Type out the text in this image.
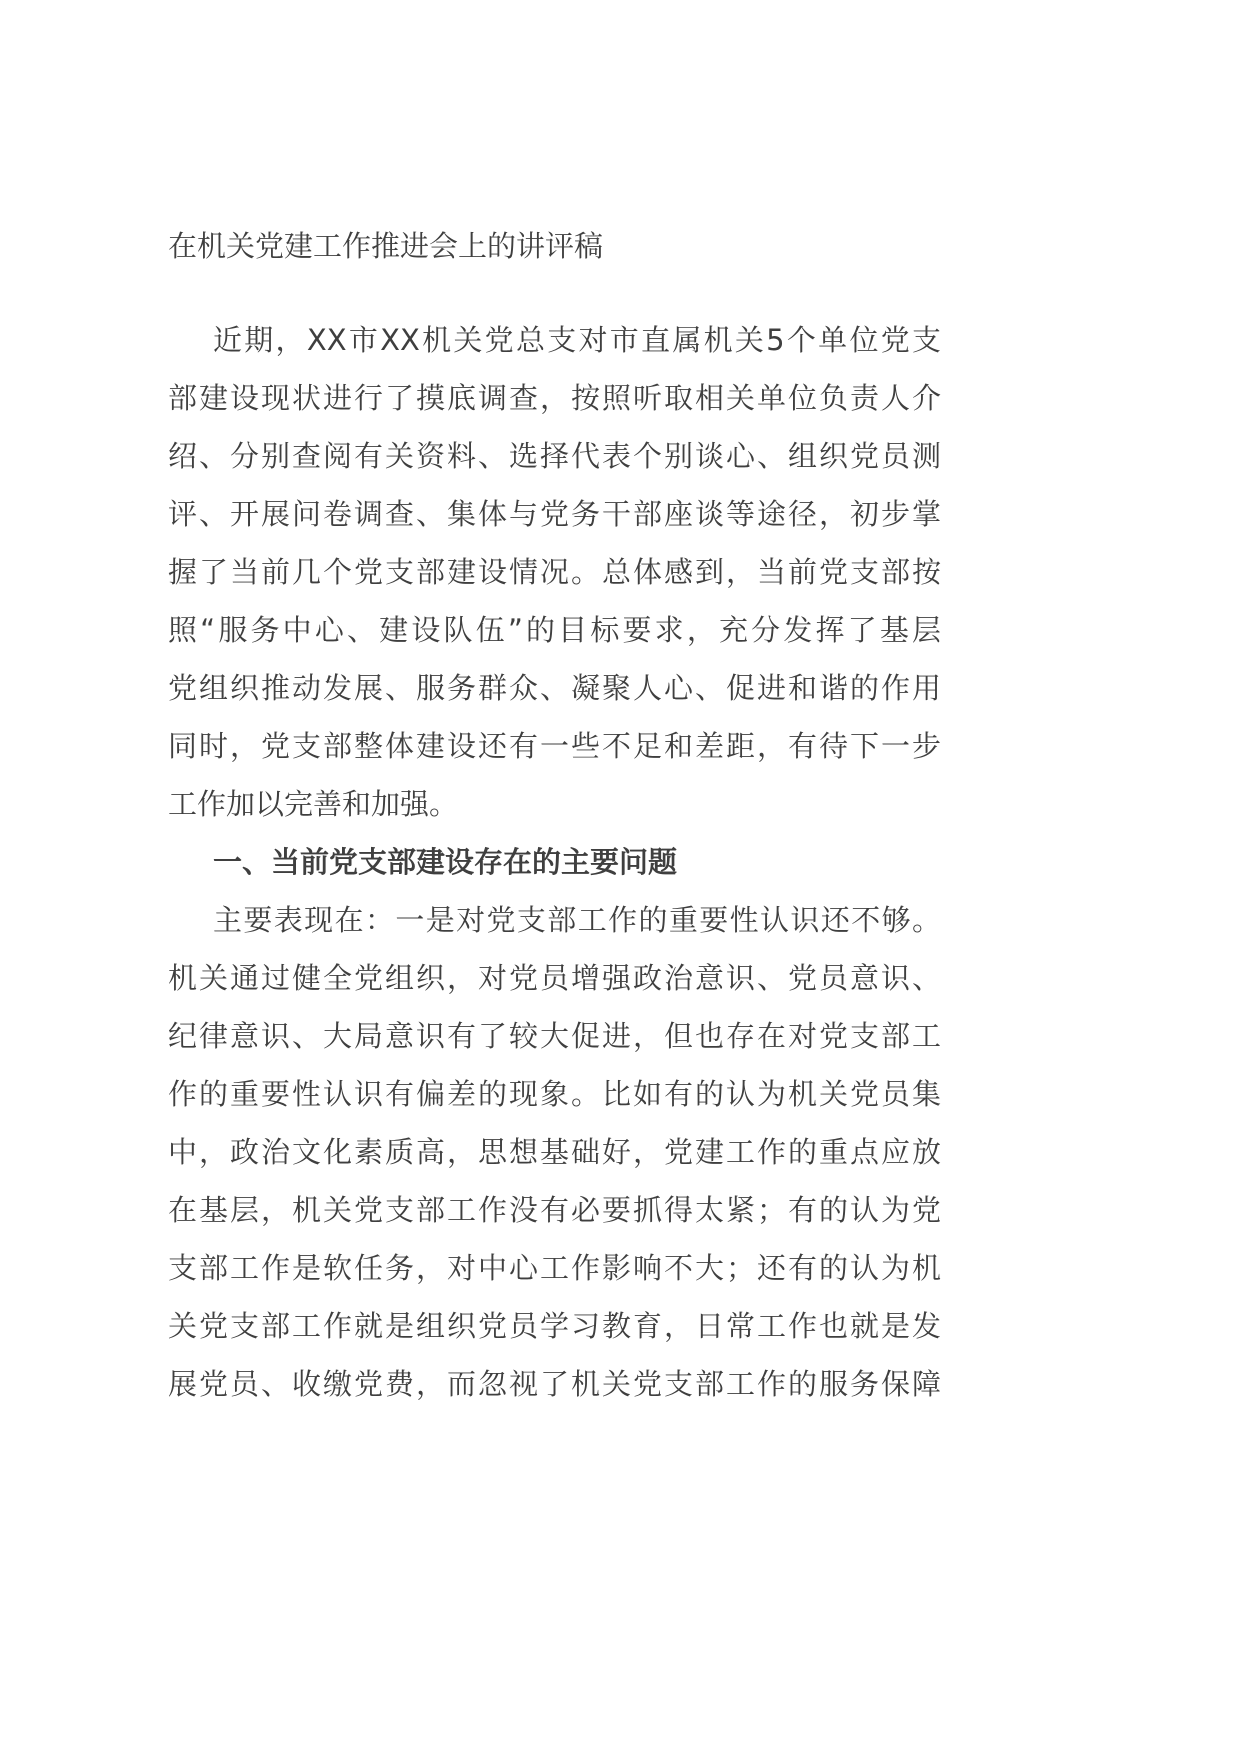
在机关党建工作推进会上的讲评稿
近期，XX市XX机关党总支对市直属机关5个单位党支
部建设现状进行了摸底调查，按照听取相关单位负责人介
绍、分别查阅有关资料、选择代表个别谈心、组织党员测
评、开展问卷调查、集体与党务干部座谈等途径，初步掌
握了当前几个党支部建设情况。总体感到，当前党支部按
照“服务中心、建设队伍”的目标要求，充分发挥了基层
党组织推动发展、服务群众、凝聚人心、促进和谐的作用
同时，党支部整体建设还有一些不足和差距，有待下一步
工作加以完善和加强。
一、当前党支部建设存在的主要问题
主要表现在：一是对党支部工作的重要性认识还不够。
机关通过健全党组织，对党员增强政治意识、党员意识、
纪律意识、大局意识有了较大促进，但也存在对党支部工
作的重要性认识有偏差的现象。比如有的认为机关党员集
中，政治文化素质高，思想基础好，党建工作的重点应放
在基层，机关党支部工作没有必要抓得太紧；有的认为党
支部工作是软任务，对中心工作影响不大；还有的认为机
关党支部工作就是组织党员学习教育，日常工作也就是发
展党员、收缴党费，而忽视了机关党支部工作的服务保障
